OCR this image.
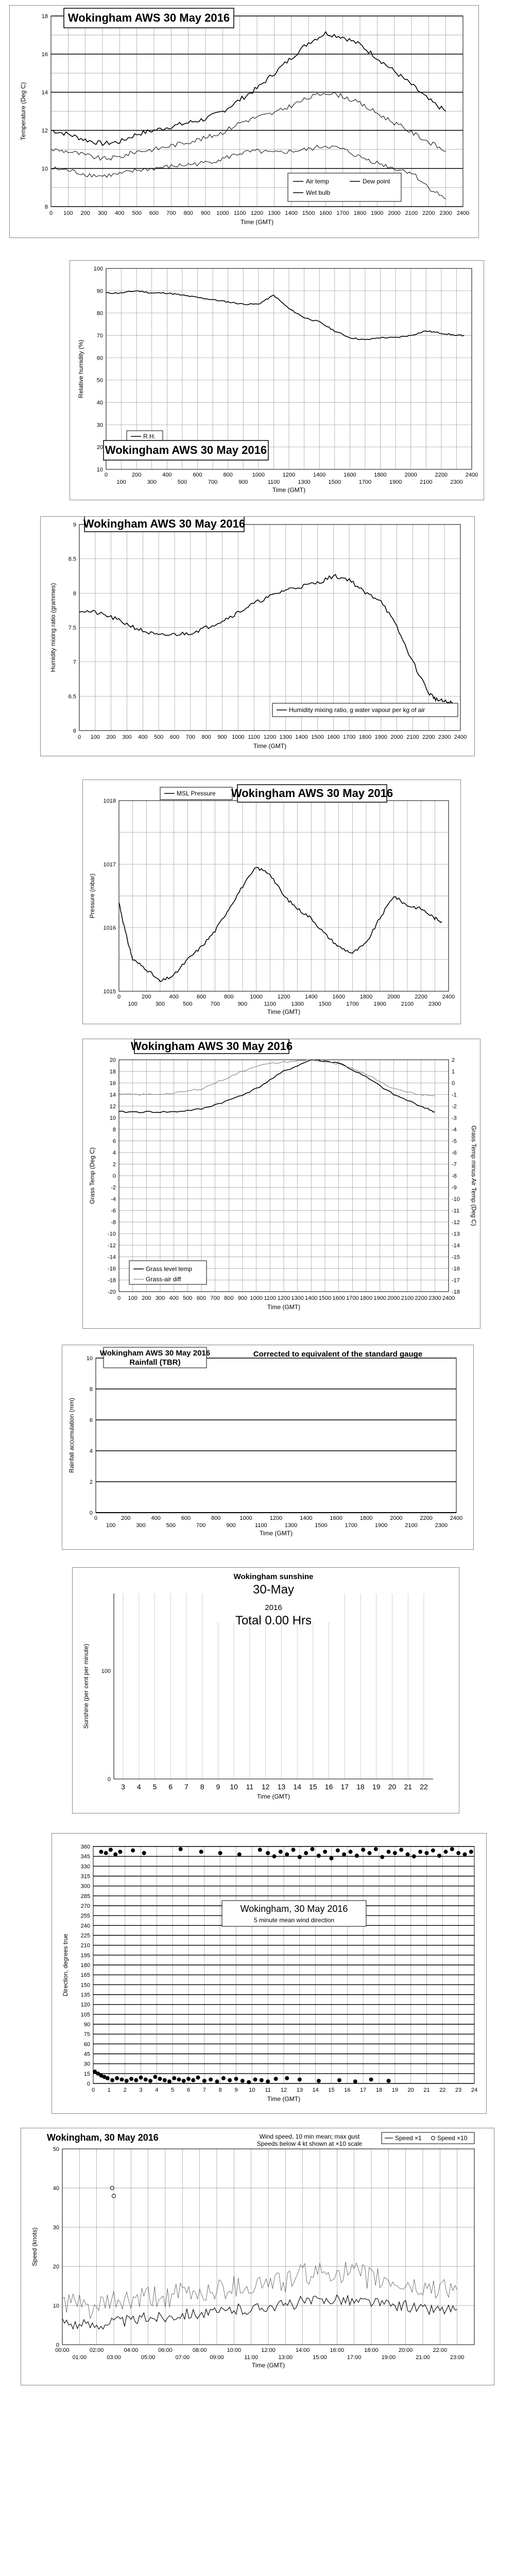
8
10
12
14
16
18
0 100 200 300 400 500 600 700 800 900 1000 1100 1200 1300 1400 1500 1600 1700 1800 1900 2000 2100 2200 2300 2400
Time (GMT)
Temperature (Deg C)
Wokingham AWS 30 May 2016
Air temp	Dew point
Wet bulb
10
20
30
40
50
60
70
80
90
100
0	200	400	600	800	1000	1200	1400	1600	1800	2000	2200	2400
100	300	500	700	900	1100	1300	1500	1700	1900	2100	2300
Time (GMT)
Relative humidity (%)
R.H.
Wokingham AWS 30 May 2016
6
6.5
7
7.5
8
8.5
9
0 100 200 300 400 500 600 700 800 900 1000 1100 1200 1300 1400 1500 1600 1700 1800 1900 2000 2100 2200 2300 2400
Time (GMT)
Humidity mixing ratio (grammes)
Wokingham AWS 30 May 2016
Humidity mixing ratio, g water vapour per kg of air
1015
1016
1017
1018
0	200	400	600	800	1000	1200	1400	1600	1800	2000	2200	2400
100	300	500	700	900	1100	1300	1500	1700	1900	2100	2300
Time (GMT)
Pressure (mbar)
MSL Pressure Wokingham AWS 30 May 2016
-20
-18
-16
-14
-12
-10
-8
-6
-4
-2
0
2
4
6
8
10
12
14
16
18
20
-18
-17
-16
-15
-14
-13
-12
-11
-10
-9
-8
-7
-6
-5
-4
-3
-2
-1
0
1
2
0 100 200 300 400 500 600 700 800 900 1000 1100 1200 1300 1400 1500 1600 1700 1800 1900 2000 2100 2200 2300 2400
Time (GMT)
Grass Temp (Deg C)	Grass Temp minus Air Temp (Deg C)
Wokingham AWS 30 May 2016
Grass level temp
Grass-air diff
0
2
4
6
8
10
0	200	400	600	800	1000	1200	1400	1600	1800	2000	2200	2400
100	300	500	700	900	1100	1300	1500	1700	1900	2100	2300
Time (GMT)
Rainfall accumulation (mm)
Wokingham AWS 30 May 2016
Rainfall (TBR)
Corrected to equivalent of the standard gauge
3 4 5 6 7 8 9 10 11 12 13 14 15 16 17 18 19 20 21 22
0
100
Time (GMT)
Sunshine (per cent per minute)
Wokingham sunshine
30-May
2016
Total 0.00 Hrs
0
15
30
45
60
75
90
105
120
135
150
165
180
195
210
225
240
255
270
285
300
315
330
345
360
0 1 2 3 4 5 6 7 8 9 10 11 12 13 14 15 16 17 18 19 20 21 22 23 24
Time (GMT)
Direction, degrees true
Wokingham, 30 May 2016
5 minute mean wind direction
0
10
20
30
40
50
00:00	02:00	04:00	06:00	08:00	10:00	12:00	14:00	16:00	18:00	20:00	22:00
01:00	03:00	05:00	07:00	09:00	11:00	13:00	15:00	17:00	19:00	21:00	23:00
Time (GMT)
Speed (knots)
Wokingham, 30 May 2016	Wind speed, 10 min mean; max gust
Speeds below 4 kt shown at ×10 scale
Speed ×1	Speed ×10
